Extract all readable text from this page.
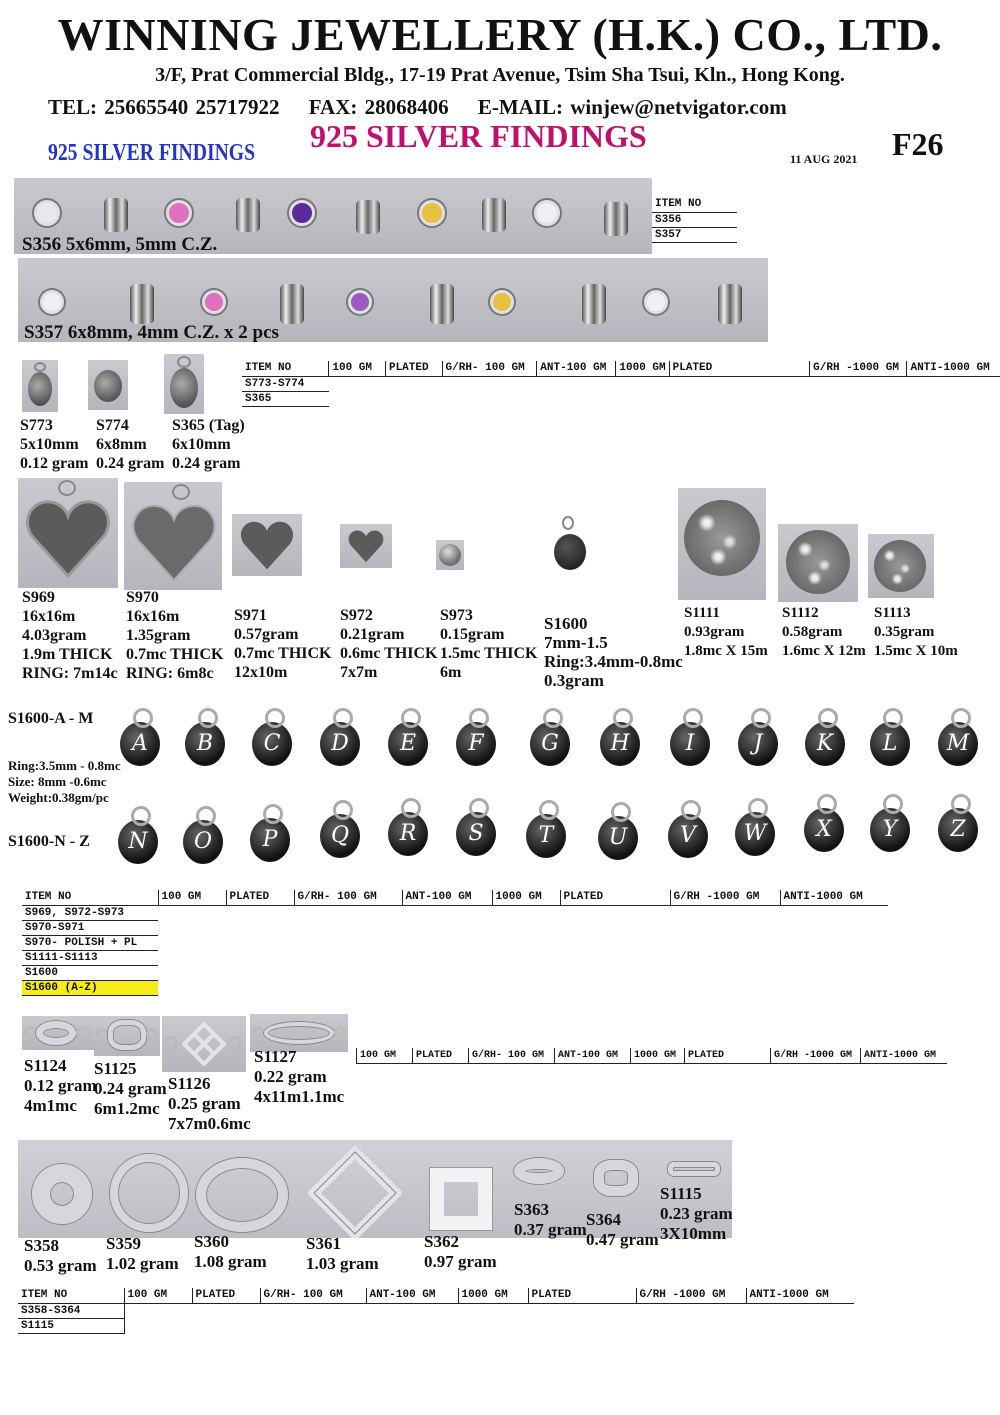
WINNING JEWELLERY (H.K.) CO., LTD.
3/F, Prat Commercial Bldg., 17-19 Prat Avenue, Tsim Sha Tsui, Kln., Hong Kong.
TEL: 25665540 25717922 FAX: 28068406 E-MAIL: winjew@netvigator.com
925 SILVER FINDINGS
925 SILVER FINDINGS	F26
11 AUG 2021
S356 5x6mm, 5mm C.Z.
S357 6x8mm, 4mm C.Z. x 2 pcs
ITEM NO
S356
S357
S773
5x10mm
0.12 gram
S774
6x8mm
0.24 gram
S365 (Tag)
6x10mm
0.24 gram
ITEM NO	100 GM	PLATED	G/RH- 100 GM	ANT-100 GM	1000 GM	PLATED	G/RH -1000 GM	ANTI-1000 GM
S773-S774
S365
S969
16x16m
4.03gram
1.9m THICK
RING: 7m14c
S970
16x16m
1.35gram
0.7mc THICK
RING: 6m8c
S971
0.57gram
0.7mc THICK
12x10m
S972
0.21gram
0.6mc THICK
7x7m
S973
0.15gram
1.5mc THICK
6m
S1600
7mm-1.5
Ring:3.4mm-0.8mc
0.3gram
S1111
0.93gram
1.8mc X 15m
S1112
0.58gram
1.6mc X 12m
S1113
0.35gram
1.5mc X 10m
S1600-A - M
Ring:3.5mm - 0.8mc
Size: 8mm -0.6mc
Weight:0.38gm/pc
S1600-N - Z
A	B	C	D	E	F	G	H	I	J	K	L	M
N	O	P	Q	R	S	T	U	V	W	X	Y	Z
ITEM NO	100 GM	PLATED	G/RH- 100 GM	ANT-100 GM	1000 GM	PLATED	G/RH -1000 GM	ANTI-1000 GM
S969, S972-S973
S970-S971
S970- POLISH + PL
S1111-S1113
S1600
S1600 (A-Z)
S1124
0.12 gram
4m1mc
S1125
0.24 gram
6m1.2mc
S1126
0.25 gram
7x7m0.6mc
S1127
0.22 gram
4x11m1.1mc
100 GM	PLATED	G/RH- 100 GM	ANT-100 GM	1000 GM	PLATED	G/RH -1000 GM	ANTI-1000 GM
S358
0.53 gram
S359
1.02 gram
S360
1.08 gram
S361
1.03 gram
S362
0.97 gram
S363
0.37 gram
S364
0.47 gram
S1115
0.23 gram
3X10mm
ITEM NO	100 GM	PLATED	G/RH- 100 GM	ANT-100 GM	1000 GM	PLATED	G/RH -1000 GM	ANTI-1000 GM
S358-S364
S1115
